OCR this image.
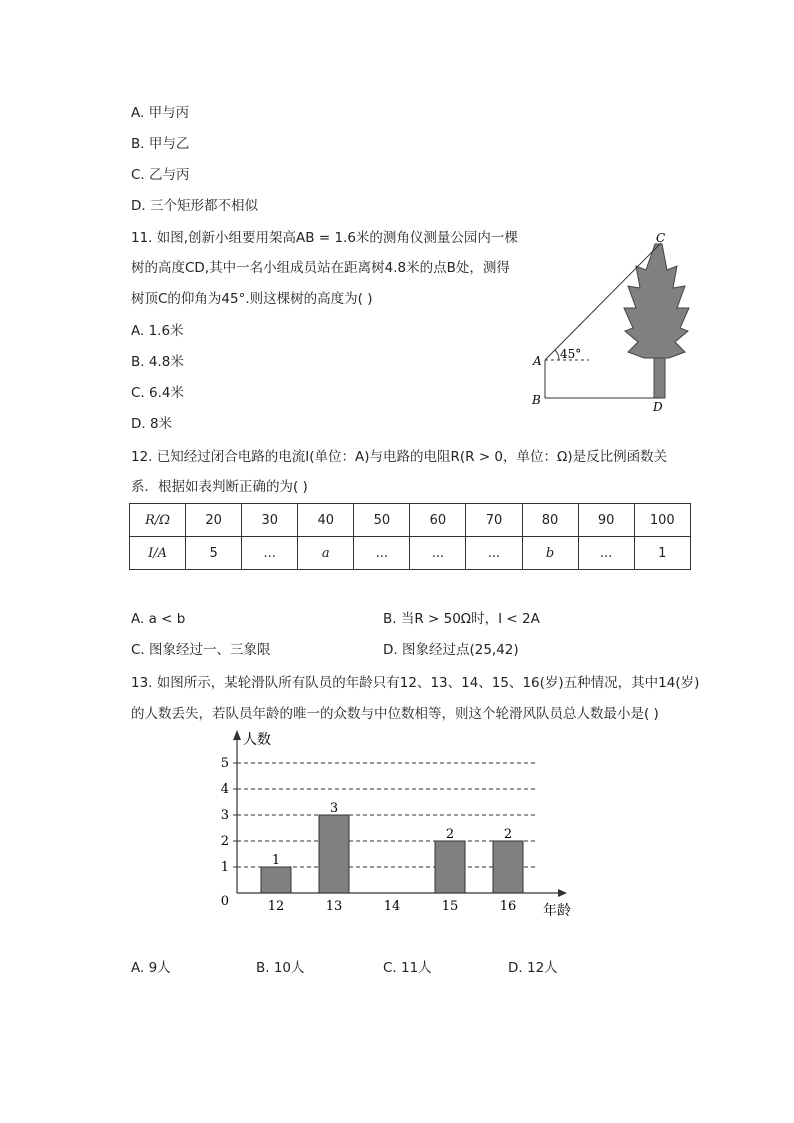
A. 甲与丙
B. 甲与乙
C. 乙与丙
D. 三个矩形都不相似
11. 如图,创新小组要用架高AB = 1.6米的测角仪测量公园内一棵
树的高度CD,其中一名小组成员站在距离树4.8米的点B处，测得
树顶C的仰角为45°.则这棵树的高度为( )
A. 1.6米
B. 4.8米
C. 6.4米
D. 8米
C
A
B	D
45°
12. 已知经过闭合电路的电流I(单位：A)与电路的电阻R(R > 0，单位：Ω)是反比例函数关
系．根据如表判断正确的为( )
R/Ω	20	30	40	50	60	70	80	90	100
I/A	5	...	a	...	...	...	b	...	1
A. a < b	B. 当R > 50Ω时，I < 2A
C. 图象经过一、三象限	D. 图象经过点(25,42)
13. 如图所示，某轮滑队所有队员的年龄只有12、13、14、15、16(岁)五种情况，其中14(岁)
的人数丢失，若队员年龄的唯一的众数与中位数相等，则这个轮滑风队员总人数最小是( )
1
2
3
4
5
0
人数
年龄
1
12
3
13	14
2
15
2
16
A. 9人	B. 10人	C. 11人	D. 12人
